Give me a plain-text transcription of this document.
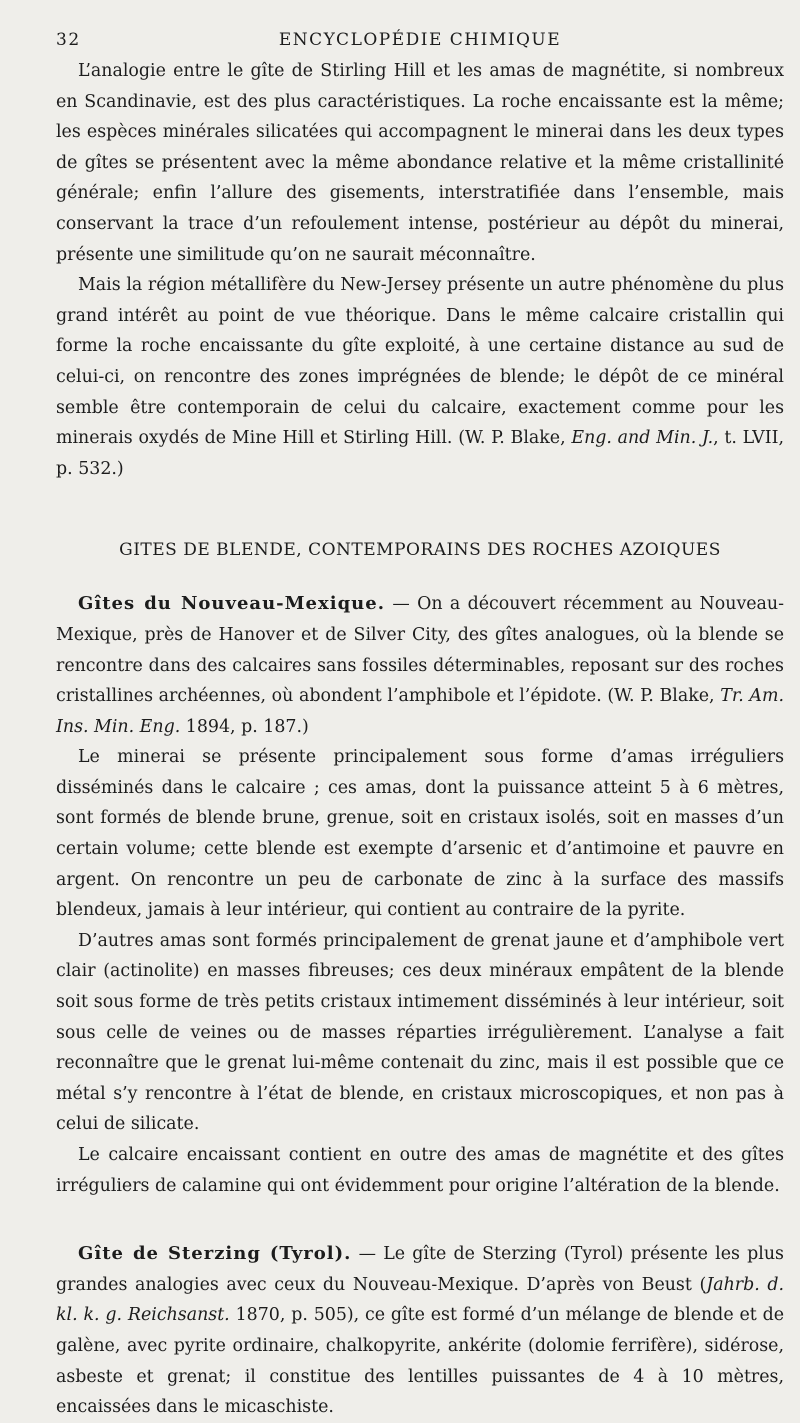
32	ENCYCLOPÉDIE CHIMIQUE

L’analogie entre le gîte de Stirling Hill et les amas de magnétite, si nombreux en Scandinavie, est des plus caractéristiques. La roche encaissante est la même; les espèces minérales silicatées qui accompagnent le minerai dans les deux types de gîtes se présentent avec la même abondance relative et la même cristallinité générale; enfin l’allure des gisements, interstratifiée dans l’ensemble, mais conservant la trace d’un refoulement intense, postérieur au dépôt du minerai, présente une similitude qu’on ne saurait méconnaître.

Mais la région métallifère du New-Jersey présente un autre phénomène du plus grand intérêt au point de vue théorique. Dans le même calcaire cristallin qui forme la roche encaissante du gîte exploité, à une certaine distance au sud de celui-ci, on rencontre des zones imprégnées de blende; le dépôt de ce minéral semble être contemporain de celui du calcaire, exactement comme pour les minerais oxydés de Mine Hill et Stirling Hill. (W. P. Blake, Eng. and Min. J., t. LVII, p. 532.)

GITES DE BLENDE, CONTEMPORAINS DES ROCHES AZOIQUES

Gîtes du Nouveau-Mexique. — On a découvert récemment au Nouveau-Mexique, près de Hanover et de Silver City, des gîtes analogues, où la blende se rencontre dans des calcaires sans fossiles déterminables, reposant sur des roches cristallines archéennes, où abondent l’amphibole et l’épidote. (W. P. Blake, Tr. Am. Ins. Min. Eng. 1894, p. 187.)

Le minerai se présente principalement sous forme d’amas irréguliers disséminés dans le calcaire ; ces amas, dont la puissance atteint 5 à 6 mètres, sont formés de blende brune, grenue, soit en cristaux isolés, soit en masses d’un certain volume; cette blende est exempte d’arsenic et d’antimoine et pauvre en argent. On rencontre un peu de carbonate de zinc à la surface des massifs blendeux, jamais à leur intérieur, qui contient au contraire de la pyrite.

D’autres amas sont formés principalement de grenat jaune et d’amphibole vert clair (actinolite) en masses fibreuses; ces deux minéraux empâtent de la blende soit sous forme de très petits cristaux intimement disséminés à leur intérieur, soit sous celle de veines ou de masses réparties irrégulièrement. L’analyse a fait reconnaître que le grenat lui-même contenait du zinc, mais il est possible que ce métal s’y rencontre à l’état de blende, en cristaux microscopiques, et non pas à celui de silicate.

Le calcaire encaissant contient en outre des amas de magnétite et des gîtes irréguliers de calamine qui ont évidemment pour origine l’altération de la blende.

Gîte de Sterzing (Tyrol). — Le gîte de Sterzing (Tyrol) présente les plus grandes analogies avec ceux du Nouveau-Mexique. D’après von Beust (Jahrb. d. kl. k. g. Reichsanst. 1870, p. 505), ce gîte est formé d’un mélange de blende et de galène, avec pyrite ordinaire, chalkopyrite, ankérite (dolomie ferrifère), sidérose, asbeste et grenat; il constitue des lentilles puissantes de 4 à 10 mètres, encaissées dans le micaschiste.
